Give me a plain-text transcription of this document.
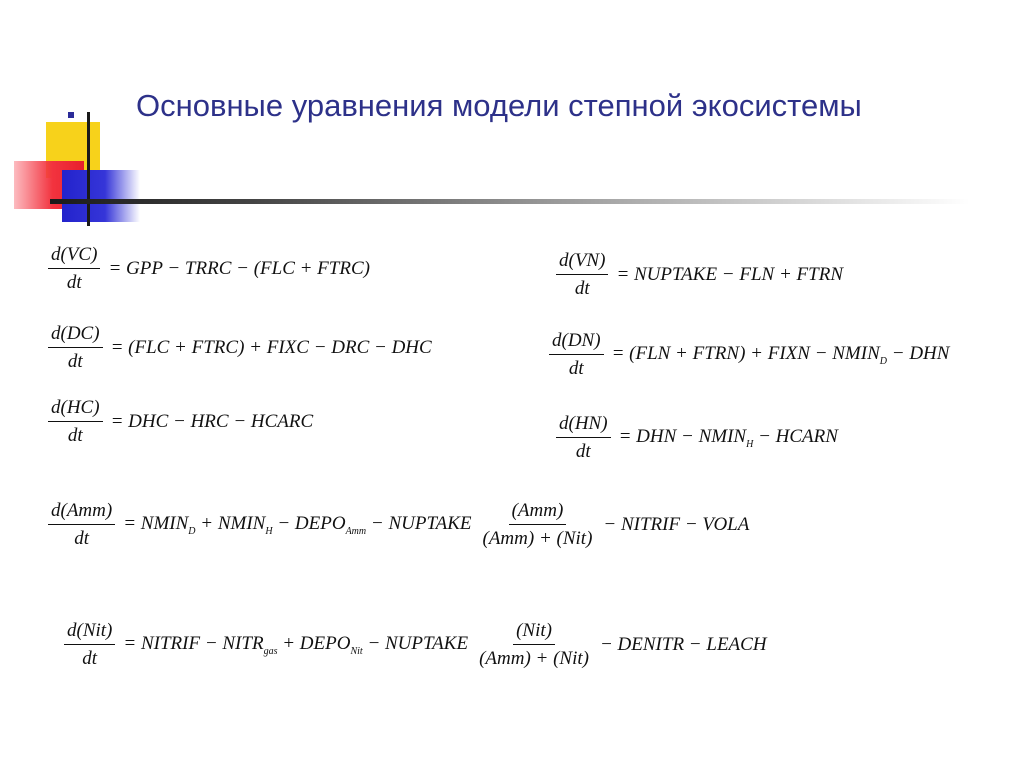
Основные уравнения модели степной экосистемы
$\frac{d(VC)}{dt}$ = GPP − TRRC − (FLC + FTRC)
$\frac{d(DC)}{dt} = (FLC$ + FTRC) + FIXC − DRC − DHC
$\frac{d(HC)}{dt}$ = DHC − HRC − HCARC
$\frac{d(VN)}{dt}$ = NUPTAKE − FLN + FTRN
$\frac{d(DN)}{dt} = (FLN$ + FTRN) + FIXN − $NMIN_D$ − DHN
$\frac{d(HN)}{dt}$ = DHN − $NMIN_H$ − HCARN
$\frac{\text{d(Amm)}}{dt}$ = $NMIN_D$ + $NMIN_H$ − $DEPO_{Amm}$ − NUPTAKE $\frac{\text{(Amm)}}{\text{(Amm) + (Nit)}}$ − NITRIF − VOLA
$\frac{\text{d(Nit)}}{dt}$ = NITRIF − $NITR_{gas}$ + $DEPO_{Nit}$ − NUPTAKE $\frac{\text{(Nit)}}{\text{(Amm) + (Nit)}}$ − DENITR − LEACH
